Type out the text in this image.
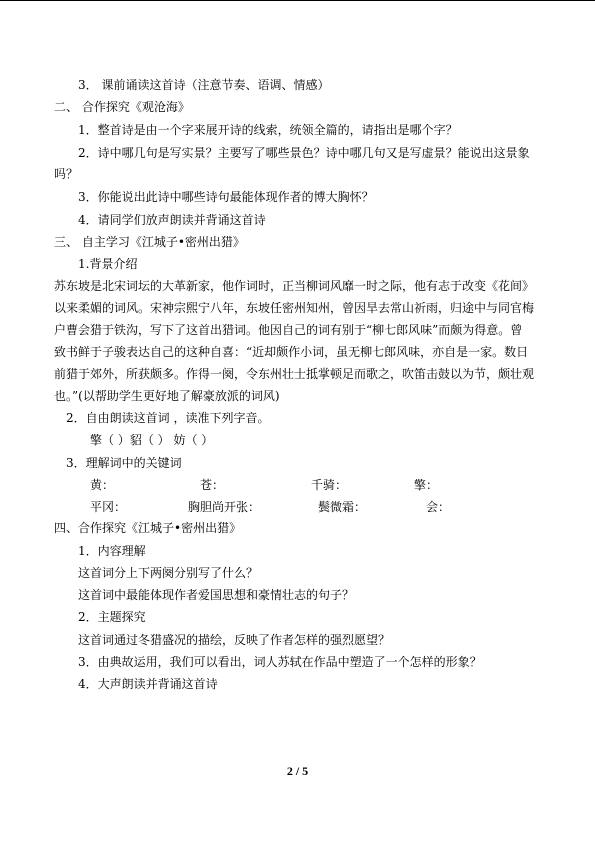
3． 课前诵读这首诗（注意节奏、语调、情感）
二、 合作探究《观沧海》
1．整首诗是由一个字来展开诗的线索，统领全篇的，请指出是哪个字？
2．诗中哪几句是写实景？主要写了哪些景色？诗中哪几句又是写虚景？能说出这景象
吗？
3．你能说出此诗中哪些诗句最能体现作者的博大胸怀？
4．请同学们放声朗读并背诵这首诗
三、 自主学习《江城子•密州出猎》
1.背景介绍
苏东坡是北宋词坛的大革新家，他作词时，正当柳词风靡一时之际，他有志于改变《花间》
以来柔媚的词风。宋神宗熙宁八年，东坡任密州知州，曾因旱去常山祈雨，归途中与同官梅
户曹会猎于铁沟，写下了这首出猎词。他因自己的词有别于“柳七郎风味”而颇为得意。曾
致书鲜于子骏表达自己的这种自喜：“近却颇作小词，虽无柳七郎风味，亦自是一家。数日
前猎于郊外，所获颇多。作得一阕，令东州壮士抵掌顿足而歌之，吹笛击鼓以为节，颇壮观
也。”(以帮助学生更好地了解豪放派的词风)
2．自由朗读这首词 ，读准下列字音。
擎（ ）貂（ ） 妨（ ）
3．理解词中的关键词
黄：	苍：	千骑：	擎：
平冈：	胸胆尚开张：	鬓微霜：	会：
四、合作探究《江城子•密州出猎》
1．内容理解
这首词分上下两阕分别写了什么？
这首词中最能体现作者爱国思想和豪情壮志的句子？
2．主题探究
这首词通过冬猎盛况的描绘，反映了作者怎样的强烈愿望？
3．由典故运用，我们可以看出，词人苏轼在作品中塑造了一个怎样的形象？
4．大声朗读并背诵这首诗
2 / 5
